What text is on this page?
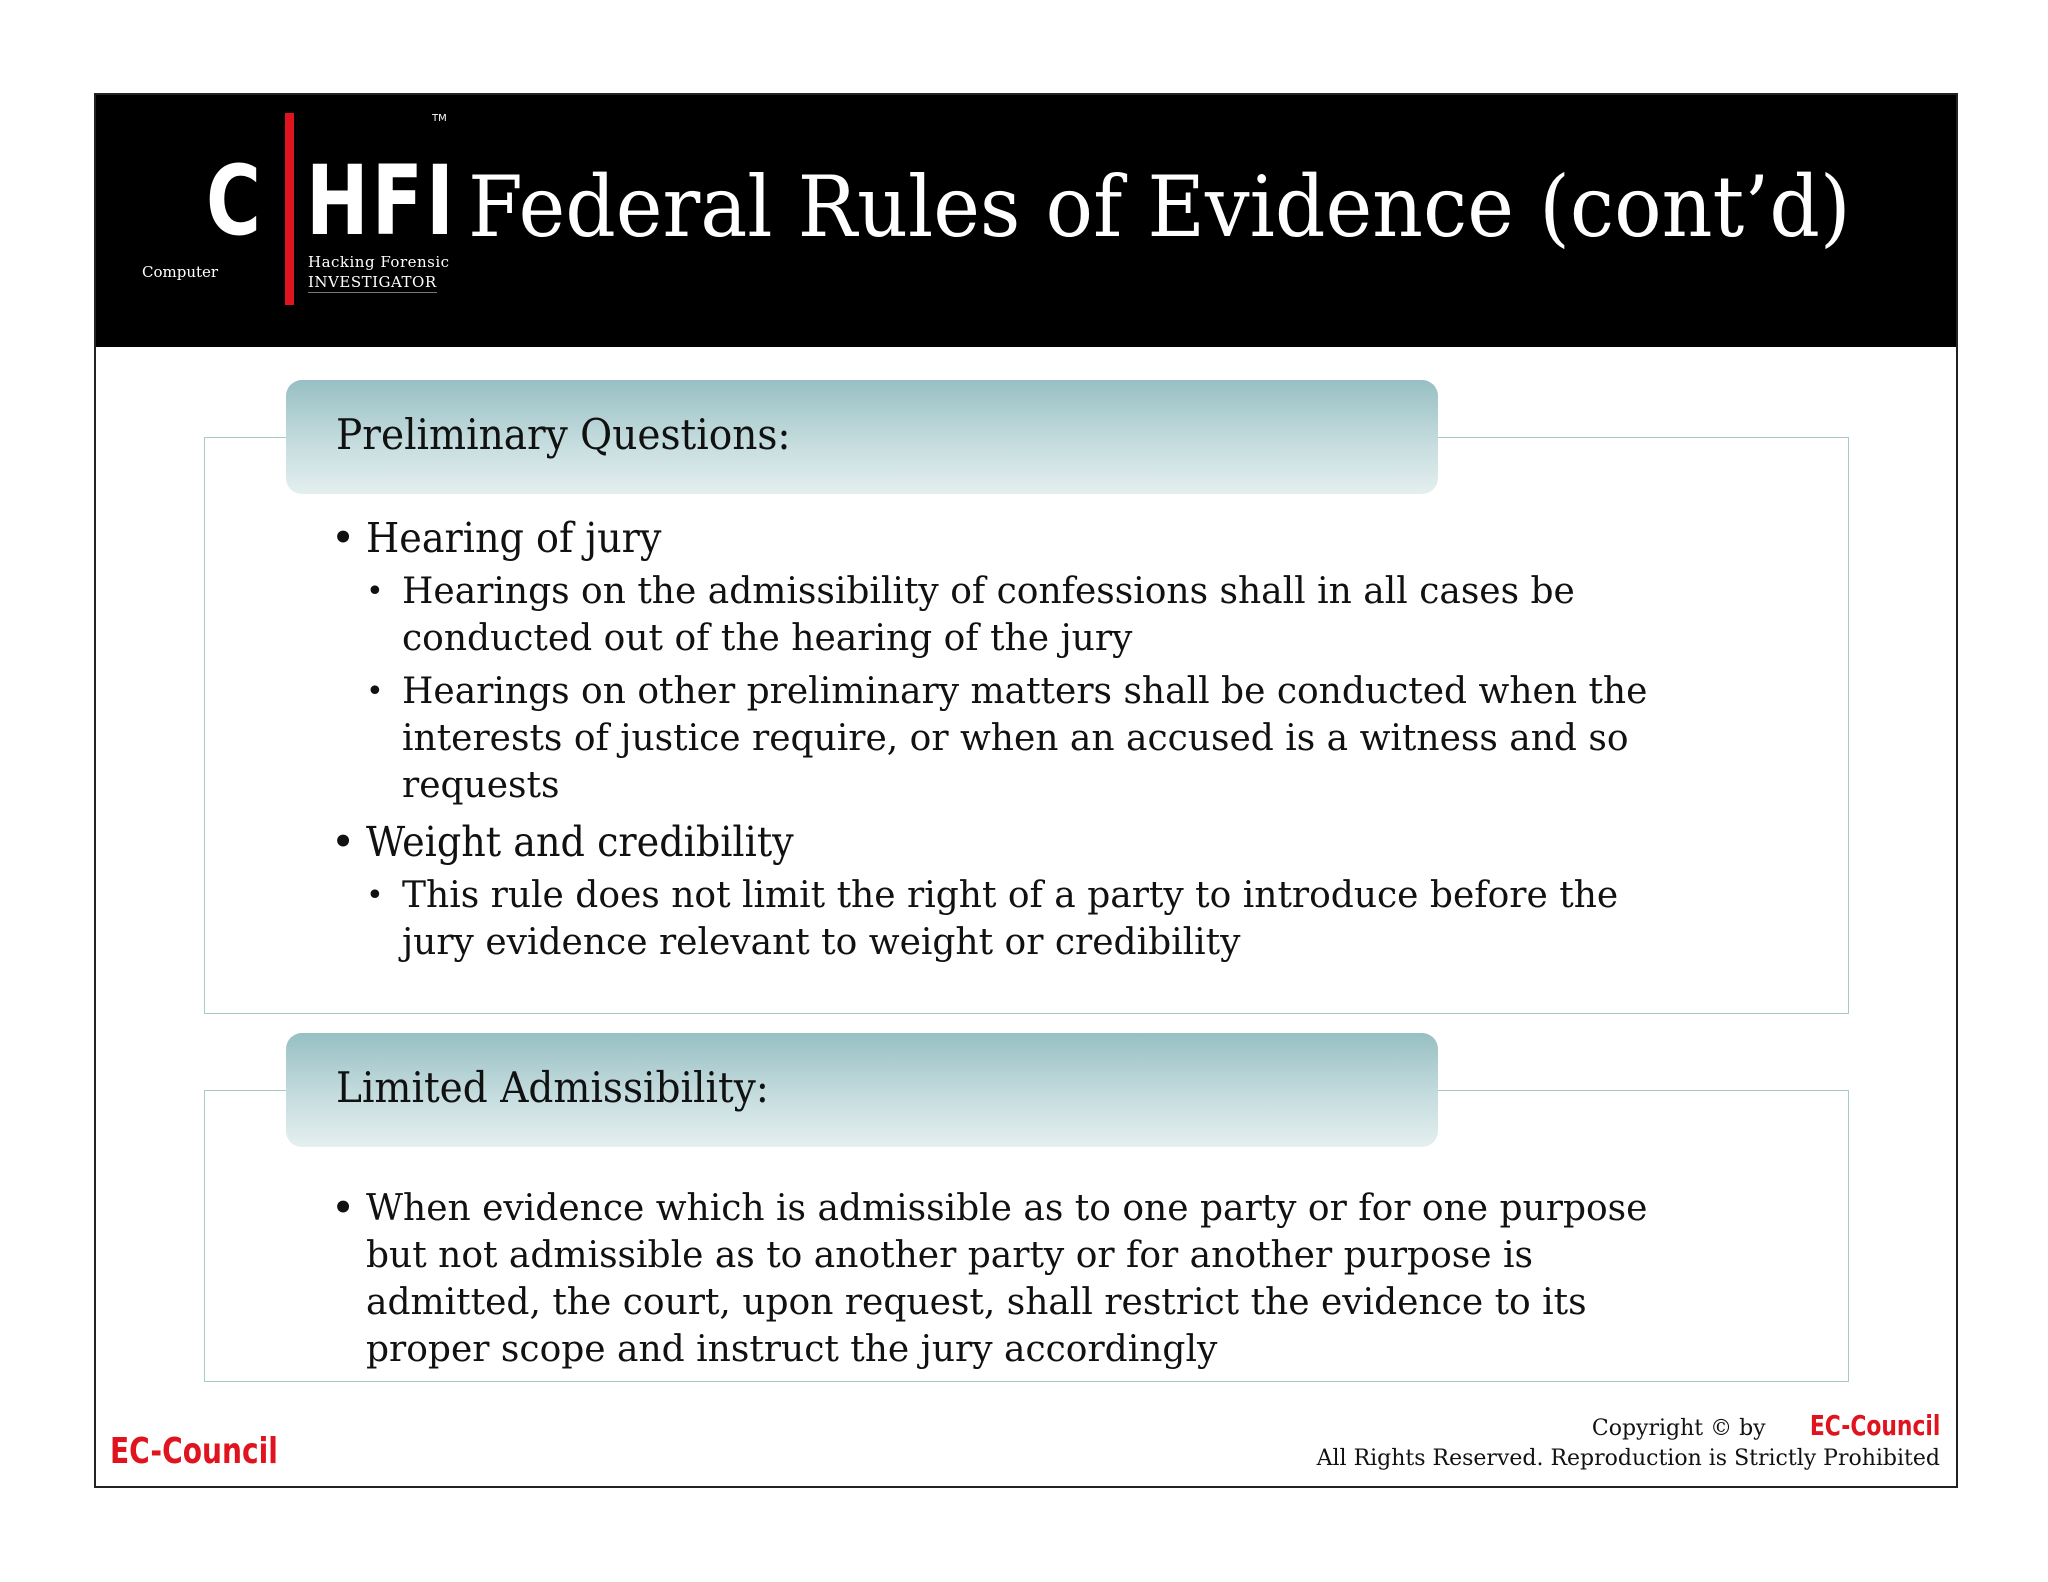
TM
C HFI
Computer
Hacking Forensic
INVESTIGATOR
Federal Rules of Evidence (cont’d)
Preliminary Questions:
• Hearing of jury
• Hearings on the admissibility of confessions shall in all cases be conducted out of the hearing of the jury
• Hearings on other preliminary matters shall be conducted when the interests of justice require, or when an accused is a witness and so requests
• Weight and credibility
• This rule does not limit the right of a party to introduce before the jury evidence relevant to weight or credibility
Limited Admissibility:
• When evidence which is admissible as to one party or for one purpose but not admissible as to another party or for another purpose is admitted, the court, upon request, shall restrict the evidence to its proper scope and instruct the jury accordingly
EC-Council
Copyright © by EC-Council
All Rights Reserved. Reproduction is Strictly Prohibited
